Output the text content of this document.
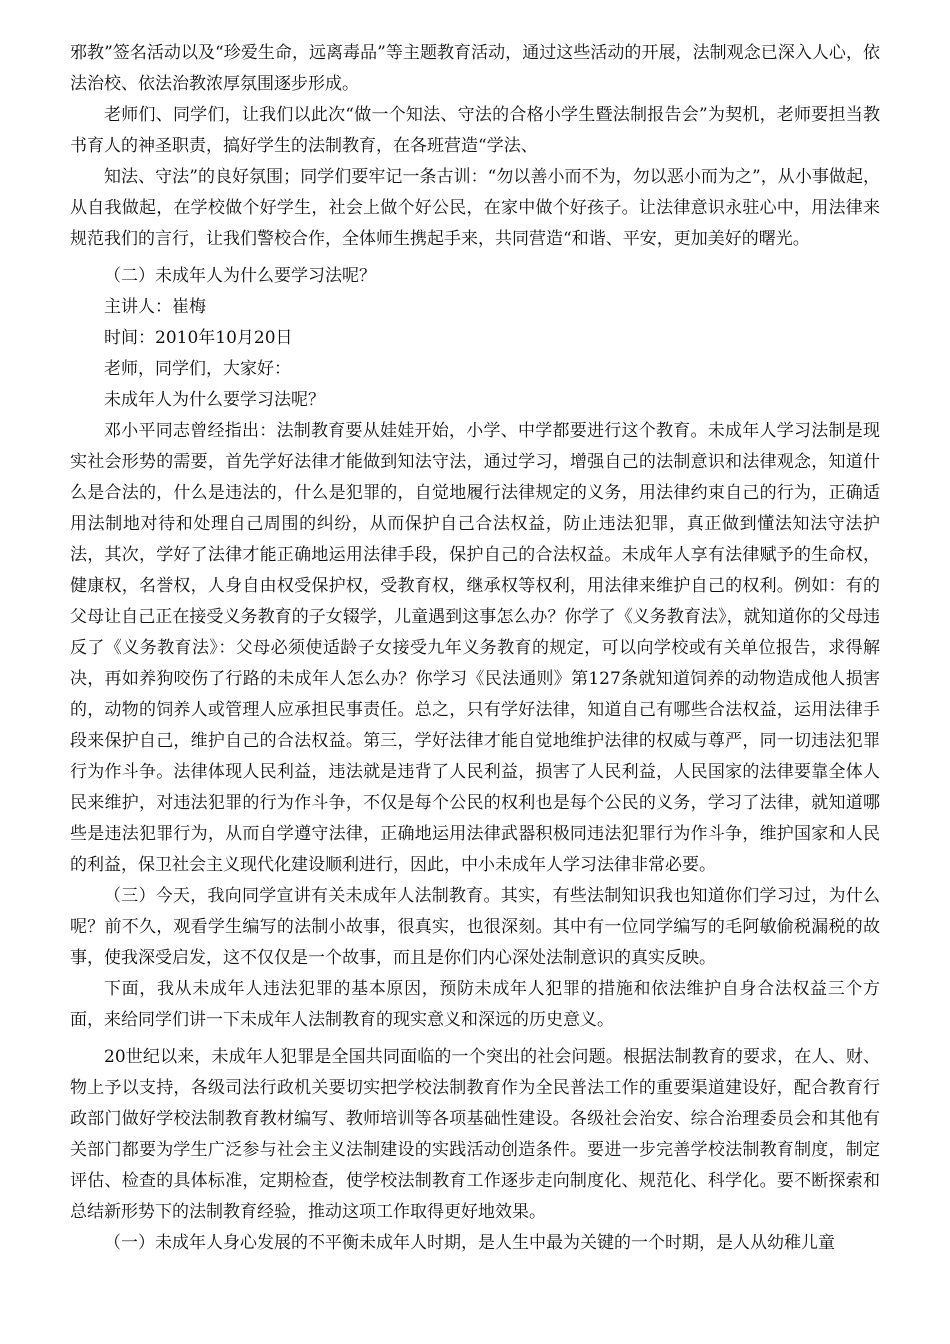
邪教”签名活动以及“珍爱生命，远离毒品”等主题教育活动，通过这些活动的开展，法制观念已深入人心，依法治校、依法治教浓厚氛围逐步形成。

老师们、同学们，让我们以此次“做一个知法、守法的合格小学生暨法制报告会”为契机，老师要担当教书育人的神圣职责，搞好学生的法制教育，在各班营造“学法、

知法、守法”的良好氛围；同学们要牢记一条古训：“勿以善小而不为，勿以恶小而为之”，从小事做起，从自我做起，在学校做个好学生，社会上做个好公民，在家中做个好孩子。让法律意识永驻心中，用法律来规范我们的言行，让我们警校合作，全体师生携起手来，共同营造“和谐、平安，更加美好的曙光。

（二）未成年人为什么要学习法呢？

主讲人：崔梅

时间：2010年10月20日

老师，同学们，大家好：

未成年人为什么要学习法呢？

邓小平同志曾经指出：法制教育要从娃娃开始，小学、中学都要进行这个教育。未成年人学习法制是现实社会形势的需要，首先学好法律才能做到知法守法，通过学习，增强自己的法制意识和法律观念，知道什么是合法的，什么是违法的，什么是犯罪的，自觉地履行法律规定的义务，用法律约束自己的行为，正确适用法制地对待和处理自己周围的纠纷，从而保护自己合法权益，防止违法犯罪，真正做到懂法知法守法护法，其次，学好了法律才能正确地运用法律手段，保护自己的合法权益。未成年人享有法律赋予的生命权，健康权，名誉权，人身自由权受保护权，受教育权，继承权等权利，用法律来维护自己的权利。例如：有的父母让自己正在接受义务教育的子女辍学，儿童遇到这事怎么办？你学了《义务教育法》，就知道你的父母违反了《义务教育法》：父母必须使适龄子女接受九年义务教育的规定，可以向学校或有关单位报告，求得解决，再如养狗咬伤了行路的未成年人怎么办？你学习《民法通则》第127条就知道饲养的动物造成他人损害的，动物的饲养人或管理人应承担民事责任。总之，只有学好法律，知道自己有哪些合法权益，运用法律手段来保护自己，维护自己的合法权益。第三，学好法律才能自觉地维护法律的权威与尊严，同一切违法犯罪行为作斗争。法律体现人民利益，违法就是违背了人民利益，损害了人民利益，人民国家的法律要靠全体人民来维护，对违法犯罪的行为作斗争，不仅是每个公民的权利也是每个公民的义务，学习了法律，就知道哪些是违法犯罪行为，从而自学遵守法律，正确地运用法律武器积极同违法犯罪行为作斗争，维护国家和人民的利益，保卫社会主义现代化建设顺利进行，因此，中小未成年人学习法律非常必要。

（三）今天，我向同学宣讲有关未成年人法制教育。其实，有些法制知识我也知道你们学习过，为什么呢？前不久，观看学生编写的法制小故事，很真实，也很深刻。其中有一位同学编写的毛阿敏偷税漏税的故事，使我深受启发，这不仅仅是一个故事，而且是你们内心深处法制意识的真实反映。

下面，我从未成年人违法犯罪的基本原因，预防未成年人犯罪的措施和依法维护自身合法权益三个方面，来给同学们讲一下未成年人法制教育的现实意义和深远的历史意义。

20世纪以来，未成年人犯罪是全国共同面临的一个突出的社会问题。根据法制教育的要求，在人、财、物上予以支持，各级司法行政机关要切实把学校法制教育作为全民普法工作的重要渠道建设好，配合教育行政部门做好学校法制教育教材编写、教师培训等各项基础性建设。各级社会治安、综合治理委员会和其他有关部门都要为学生广泛参与社会主义法制建设的实践活动创造条件。要进一步完善学校法制教育制度，制定评估、检查的具体标准，定期检查，使学校法制教育工作逐步走向制度化、规范化、科学化。要不断探索和总结新形势下的法制教育经验，推动这项工作取得更好地效果。

（一）未成年人身心发展的不平衡未成年人时期，是人生中最为关键的一个时期，是人从幼稚儿童
